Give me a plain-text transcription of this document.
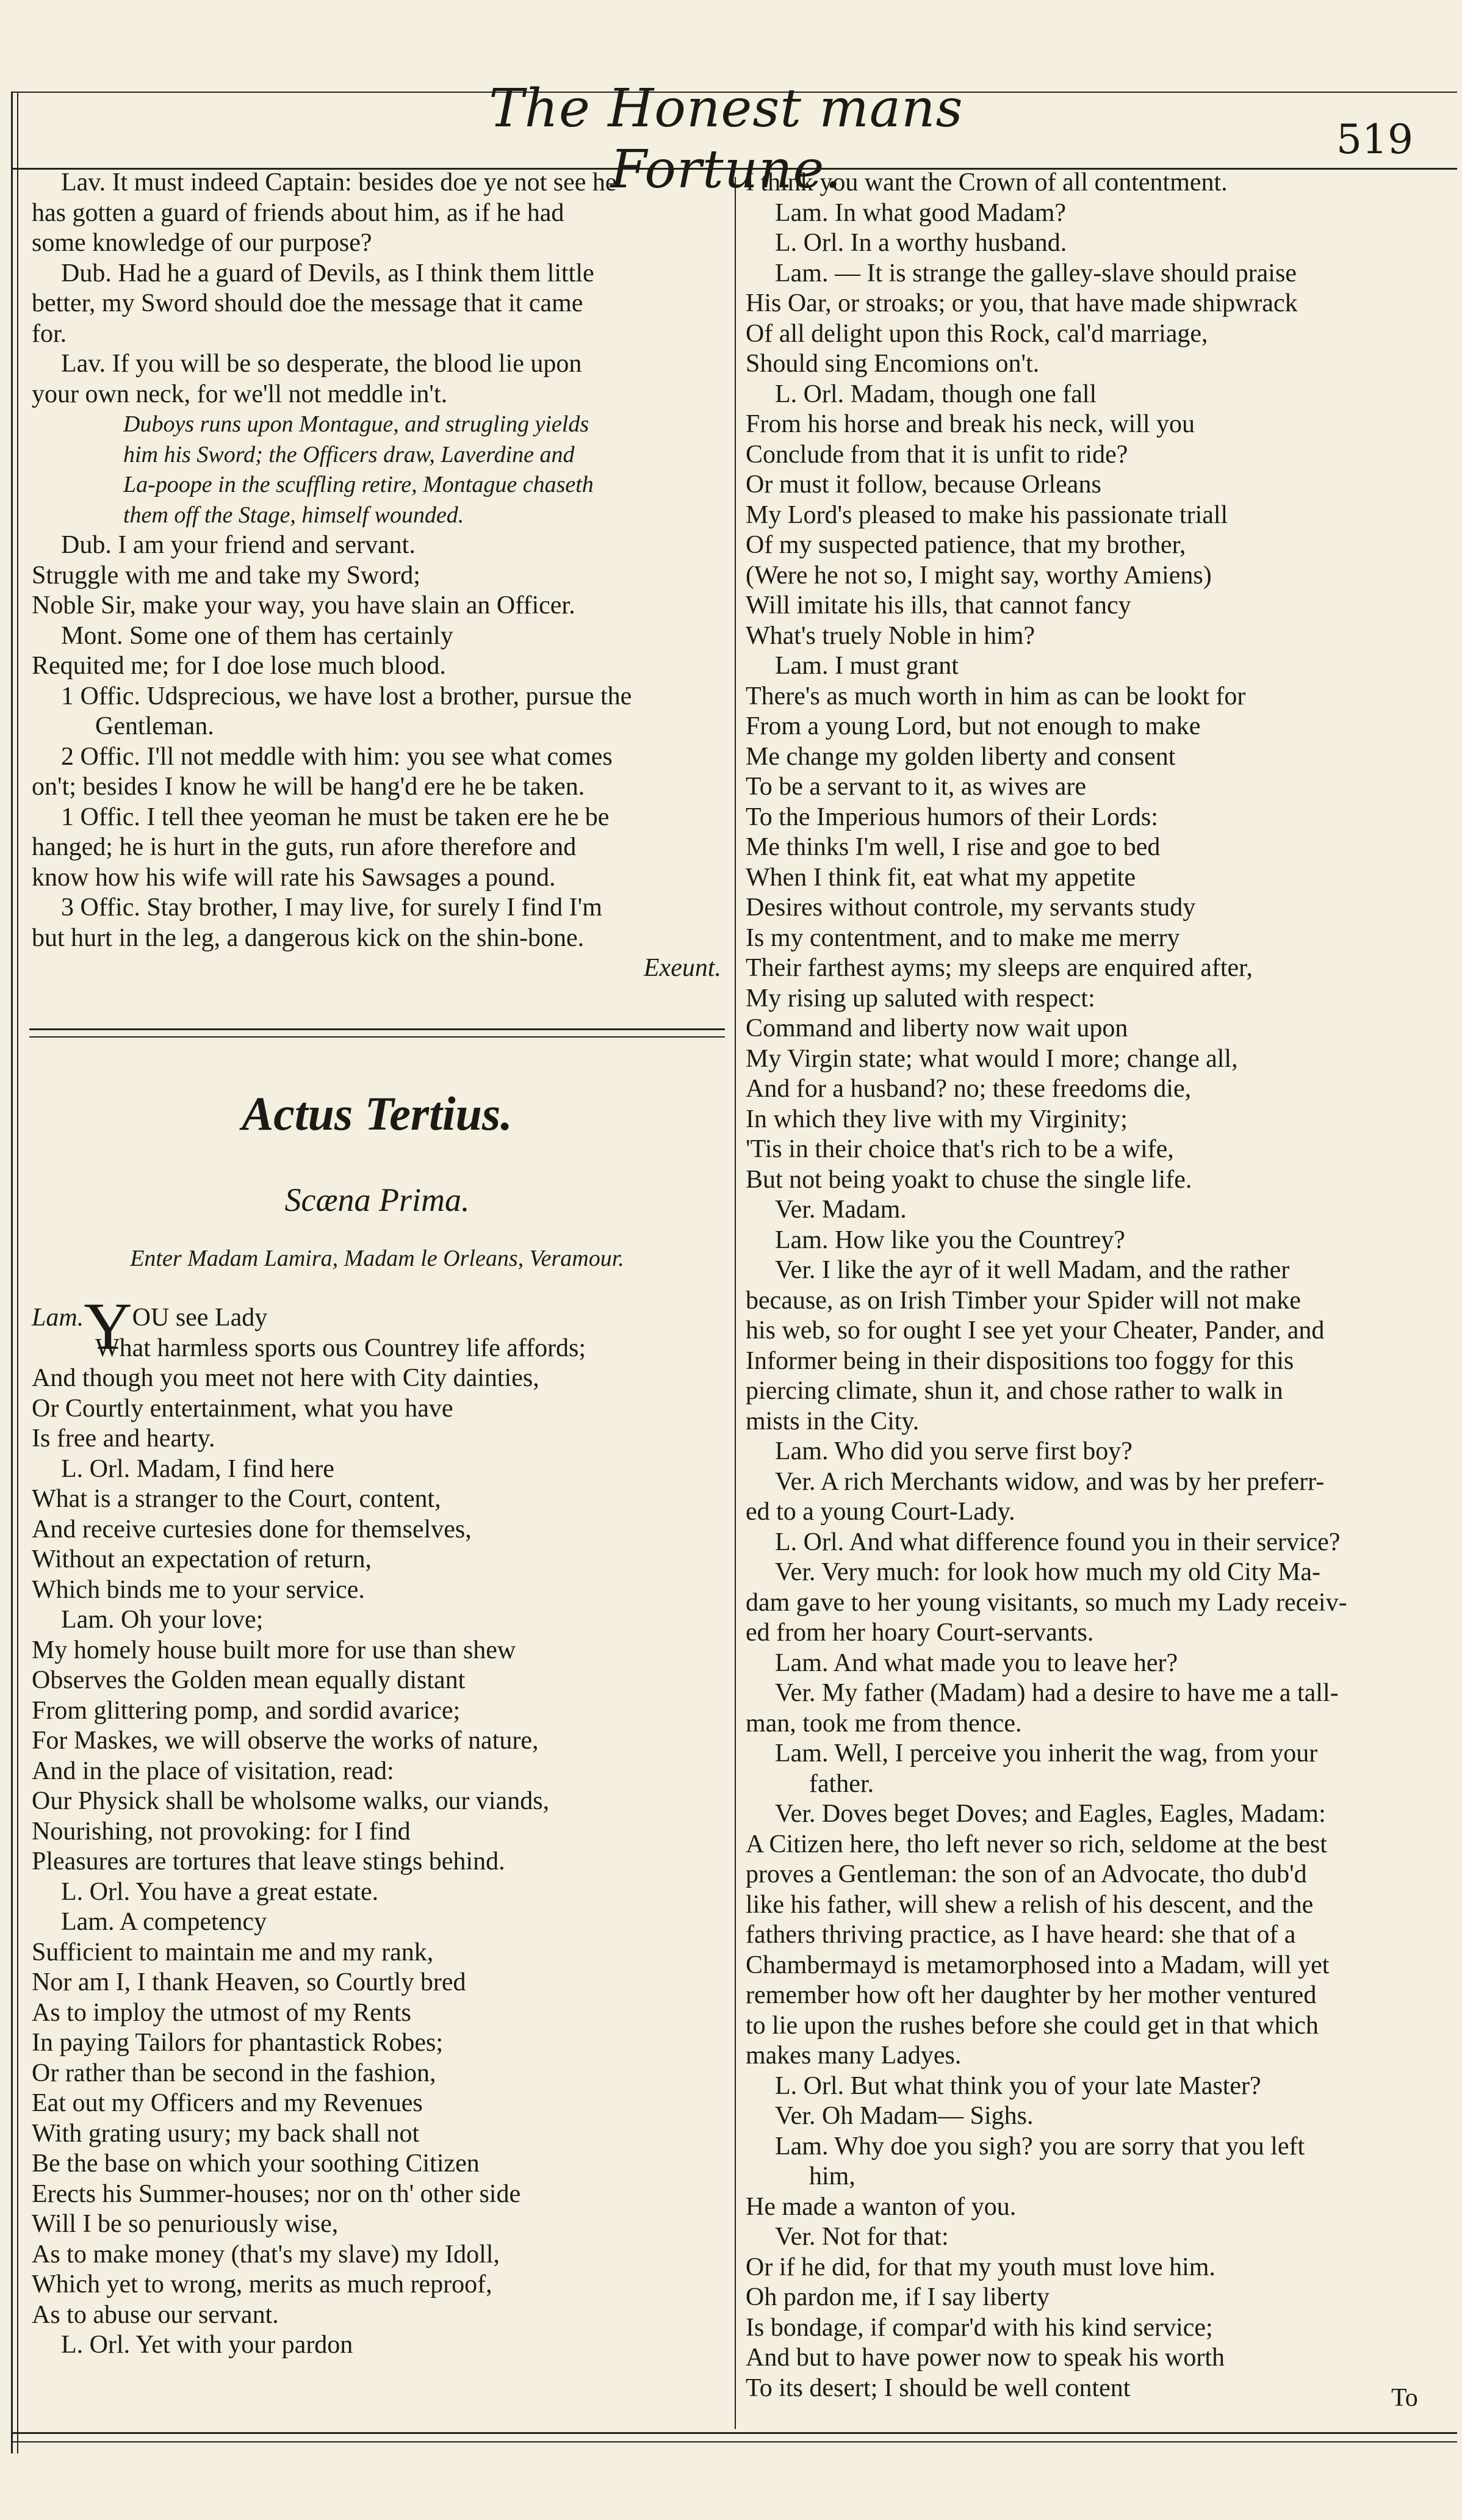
The Honest mans Fortune.	519
Lav. It must indeed Captain: besides doe ye not see he
has gotten a guard of friends about him, as if he had
some knowledge of our purpose?
Dub. Had he a guard of Devils, as I think them little
better, my Sword should doe the message that it came
for.
Lav. If you will be so desperate, the blood lie upon
your own neck, for we'll not meddle in't.
Duboys runs upon Montague, and strugling yields
him his Sword; the Officers draw, Laverdine and
La-poope in the scuffling retire, Montague chaseth
them off the Stage, himself wounded.
Dub. I am your friend and servant.
Struggle with me and take my Sword;
Noble Sir, make your way, you have slain an Officer.
Mont. Some one of them has certainly
Requited me; for I doe lose much blood.
1 Offic. Udsprecious, we have lost a brother, pursue the
Gentleman.
2 Offic. I'll not meddle with him: you see what comes
on't; besides I know he will be hang'd ere he be taken.
1 Offic. I tell thee yeoman he must be taken ere he be
hanged; he is hurt in the guts, run afore therefore and
know how his wife will rate his Sawsages a pound.
3 Offic. Stay brother, I may live, for surely I find I'm
but hurt in the leg, a dangerous kick on the shin-bone.
Exeunt.
Actus Tertius.
Scæna Prima.
Enter Madam Lamira, Madam le Orleans, Veramour.
Lam.YOU see Lady
What harmless sports ous Countrey life affords;
And though you meet not here with City dainties,
Or Courtly entertainment, what you have
Is free and hearty.
L. Orl. Madam, I find here
What is a stranger to the Court, content,
And receive curtesies done for themselves,
Without an expectation of return,
Which binds me to your service.
Lam. Oh your love;
My homely house built more for use than shew
Observes the Golden mean equally distant
From glittering pomp, and sordid avarice;
For Maskes, we will observe the works of nature,
And in the place of visitation, read:
Our Physick shall be wholsome walks, our viands,
Nourishing, not provoking: for I find
Pleasures are tortures that leave stings behind.
L. Orl. You have a great estate.
Lam. A competency
Sufficient to maintain me and my rank,
Nor am I, I thank Heaven, so Courtly bred
As to imploy the utmost of my Rents
In paying Tailors for phantastick Robes;
Or rather than be second in the fashion,
Eat out my Officers and my Revenues
With grating usury; my back shall not
Be the base on which your soothing Citizen
Erects his Summer-houses; nor on th' other side
Will I be so penuriously wise,
As to make money (that's my slave) my Idoll,
Which yet to wrong, merits as much reproof,
As to abuse our servant.
L. Orl. Yet with your pardon
I think you want the Crown of all contentment.
Lam. In what good Madam?
L. Orl. In a worthy husband.
Lam. — It is strange the galley-slave should praise
His Oar, or stroaks; or you, that have made shipwrack
Of all delight upon this Rock, cal'd marriage,
Should sing Encomions on't.
L. Orl. Madam, though one fall
From his horse and break his neck, will you
Conclude from that it is unfit to ride?
Or must it follow, because Orleans
My Lord's pleased to make his passionate triall
Of my suspected patience, that my brother,
(Were he not so, I might say, worthy Amiens)
Will imitate his ills, that cannot fancy
What's truely Noble in him?
Lam. I must grant
There's as much worth in him as can be lookt for
From a young Lord, but not enough to make
Me change my golden liberty and consent
To be a servant to it, as wives are
To the Imperious humors of their Lords:
Me thinks I'm well, I rise and goe to bed
When I think fit, eat what my appetite
Desires without controle, my servants study
Is my contentment, and to make me merry
Their farthest ayms; my sleeps are enquired after,
My rising up saluted with respect:
Command and liberty now wait upon
My Virgin state; what would I more; change all,
And for a husband? no; these freedoms die,
In which they live with my Virginity;
'Tis in their choice that's rich to be a wife,
But not being yoakt to chuse the single life.
Ver. Madam.
Lam. How like you the Countrey?
Ver. I like the ayr of it well Madam, and the rather
because, as on Irish Timber your Spider will not make
his web, so for ought I see yet your Cheater, Pander, and
Informer being in their dispositions too foggy for this
piercing climate, shun it, and chose rather to walk in
mists in the City.
Lam. Who did you serve first boy?
Ver. A rich Merchants widow, and was by her preferr-
ed to a young Court-Lady.
L. Orl. And what difference found you in their service?
Ver. Very much: for look how much my old City Ma-
dam gave to her young visitants, so much my Lady receiv-
ed from her hoary Court-servants.
Lam. And what made you to leave her?
Ver. My father (Madam) had a desire to have me a tall-
man, took me from thence.
Lam. Well, I perceive you inherit the wag, from your
father.
Ver. Doves beget Doves; and Eagles, Eagles, Madam:
A Citizen here, tho left never so rich, seldome at the best
proves a Gentleman: the son of an Advocate, tho dub'd
like his father, will shew a relish of his descent, and the
fathers thriving practice, as I have heard: she that of a
Chambermayd is metamorphosed into a Madam, will yet
remember how oft her daughter by her mother ventured
to lie upon the rushes before she could get in that which
makes many Ladyes.
L. Orl. But what think you of your late Master?
Ver. Oh Madam— Sighs.
Lam. Why doe you sigh? you are sorry that you left
him,
He made a wanton of you.
Ver. Not for that:
Or if he did, for that my youth must love him.
Oh pardon me, if I say liberty
Is bondage, if compar'd with his kind service;
And but to have power now to speak his worth
To its desert; I should be well content	To
